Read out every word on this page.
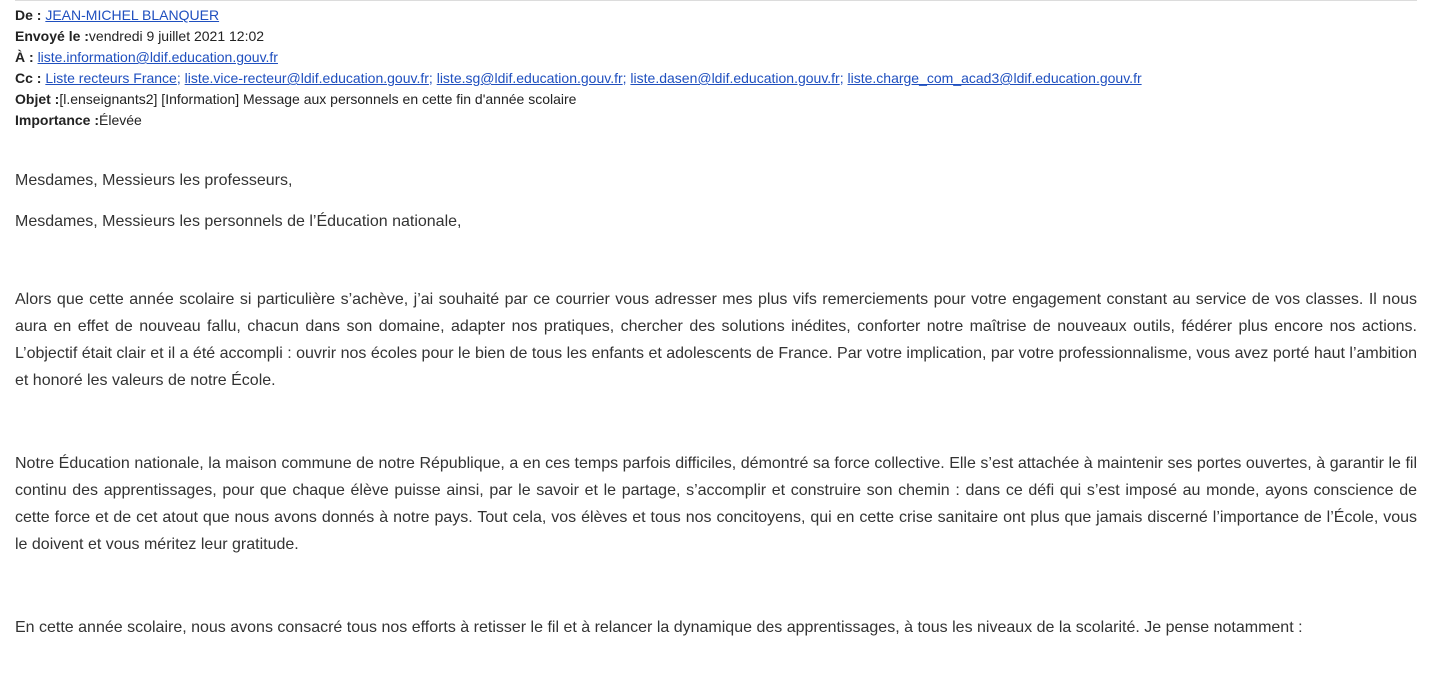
De : JEAN-MICHEL BLANQUER
Envoyé le :vendredi 9 juillet 2021 12:02
À : liste.information@ldif.education.gouv.fr
Cc : Liste recteurs France; liste.vice-recteur@ldif.education.gouv.fr; liste.sg@ldif.education.gouv.fr; liste.dasen@ldif.education.gouv.fr; liste.charge_com_acad3@ldif.education.gouv.fr
Objet :[l.enseignants2] [Information] Message aux personnels en cette fin d'année scolaire
Importance :Élevée

Mesdames, Messieurs les professeurs,

Mesdames, Messieurs les personnels de l’Éducation nationale,

Alors que cette année scolaire si particulière s’achève, j’ai souhaité par ce courrier vous adresser mes plus vifs remerciements pour votre engagement constant au service de vos classes. Il nous aura en effet de nouveau fallu, chacun dans son domaine, adapter nos pratiques, chercher des solutions inédites, conforter notre maîtrise de nouveaux outils, fédérer plus encore nos actions. L’objectif était clair et il a été accompli : ouvrir nos écoles pour le bien de tous les enfants et adolescents de France. Par votre implication, par votre professionnalisme, vous avez porté haut l’ambition et honoré les valeurs de notre École.

Notre Éducation nationale, la maison commune de notre République, a en ces temps parfois difficiles, démontré sa force collective. Elle s’est attachée à maintenir ses portes ouvertes, à garantir le fil continu des apprentissages, pour que chaque élève puisse ainsi, par le savoir et le partage, s’accomplir et construire son chemin : dans ce défi qui s’est imposé au monde, ayons conscience de cette force et de cet atout que nous avons donnés à notre pays. Tout cela, vos élèves et tous nos concitoyens, qui en cette crise sanitaire ont plus que jamais discerné l’importance de l’École, vous le doivent et vous méritez leur gratitude.

En cette année scolaire, nous avons consacré tous nos efforts à retisser le fil et à relancer la dynamique des apprentissages, à tous les niveaux de la scolarité. Je pense notamment :
